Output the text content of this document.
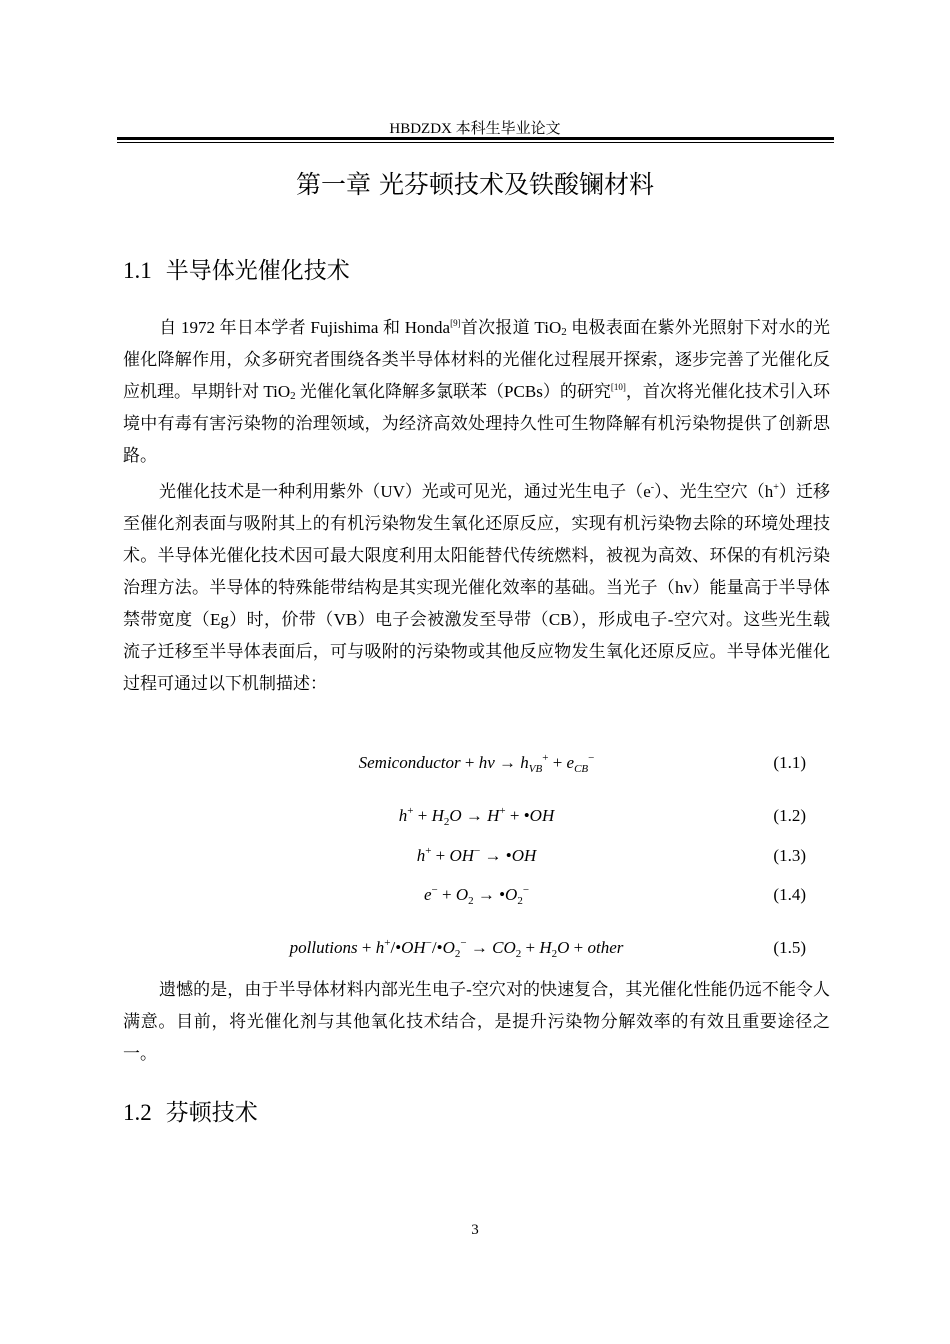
HBDZDX 本科生毕业论文
第一章 光芬顿技术及铁酸镧材料
1.1 半导体光催化技术

自 1972 年日本学者 Fujishima 和 Honda[9]首次报道 TiO$_2$ 电极表面在紫外光照射下对水的光催化降解作用，众多研究者围绕各类半导体材料的光催化过程展开探索，逐步完善了光催化反应机理。早期针对 TiO$_2$ 光催化氧化降解多氯联苯（PCBs）的研究[10]，首次将光催化技术引入环境中有毒有害污染物的治理领域，为经济高效处理持久性可生物降解有机污染物提供了创新思路。

光催化技术是一种利用紫外（UV）光或可见光，通过光生电子（e-）、光生空穴（h+）迁移至催化剂表面与吸附其上的有机污染物发生氧化还原反应，实现有机污染物去除的环境处理技术。半导体光催化技术因可最大限度利用太阳能替代传统燃料，被视为高效、环保的有机污染治理方法。半导体的特殊能带结构是其实现光催化效率的基础。当光子（hv）能量高于半导体禁带宽度（Eg）时，价带（VB）电子会被激发至导带（CB），形成电子-空穴对。这些光生载流子迁移至半导体表面后，可与吸附的污染物或其他反应物发生氧化还原反应。半导体光催化过程可通过以下机制描述：

Semiconductor + hv → $h_{VB}^+ + e_{CB}^-$	(1.1)
$h^+ + H_2O \to H^+$ + •OH	(1.2)
h+ + OH− → •OH	(1.3)
$e^- + O_2$ → $•O_2^-$	(1.4)
pollutions + $h^+/•OH^-/•O_2^- \to CO_2 + H_2O$ + other	(1.5)

遗憾的是，由于半导体材料内部光生电子-空穴对的快速复合，其光催化性能仍远不能令人满意。目前，将光催化剂与其他氧化技术结合，是提升污染物分解效率的有效且重要途径之一。

1.2 芬顿技术
3
